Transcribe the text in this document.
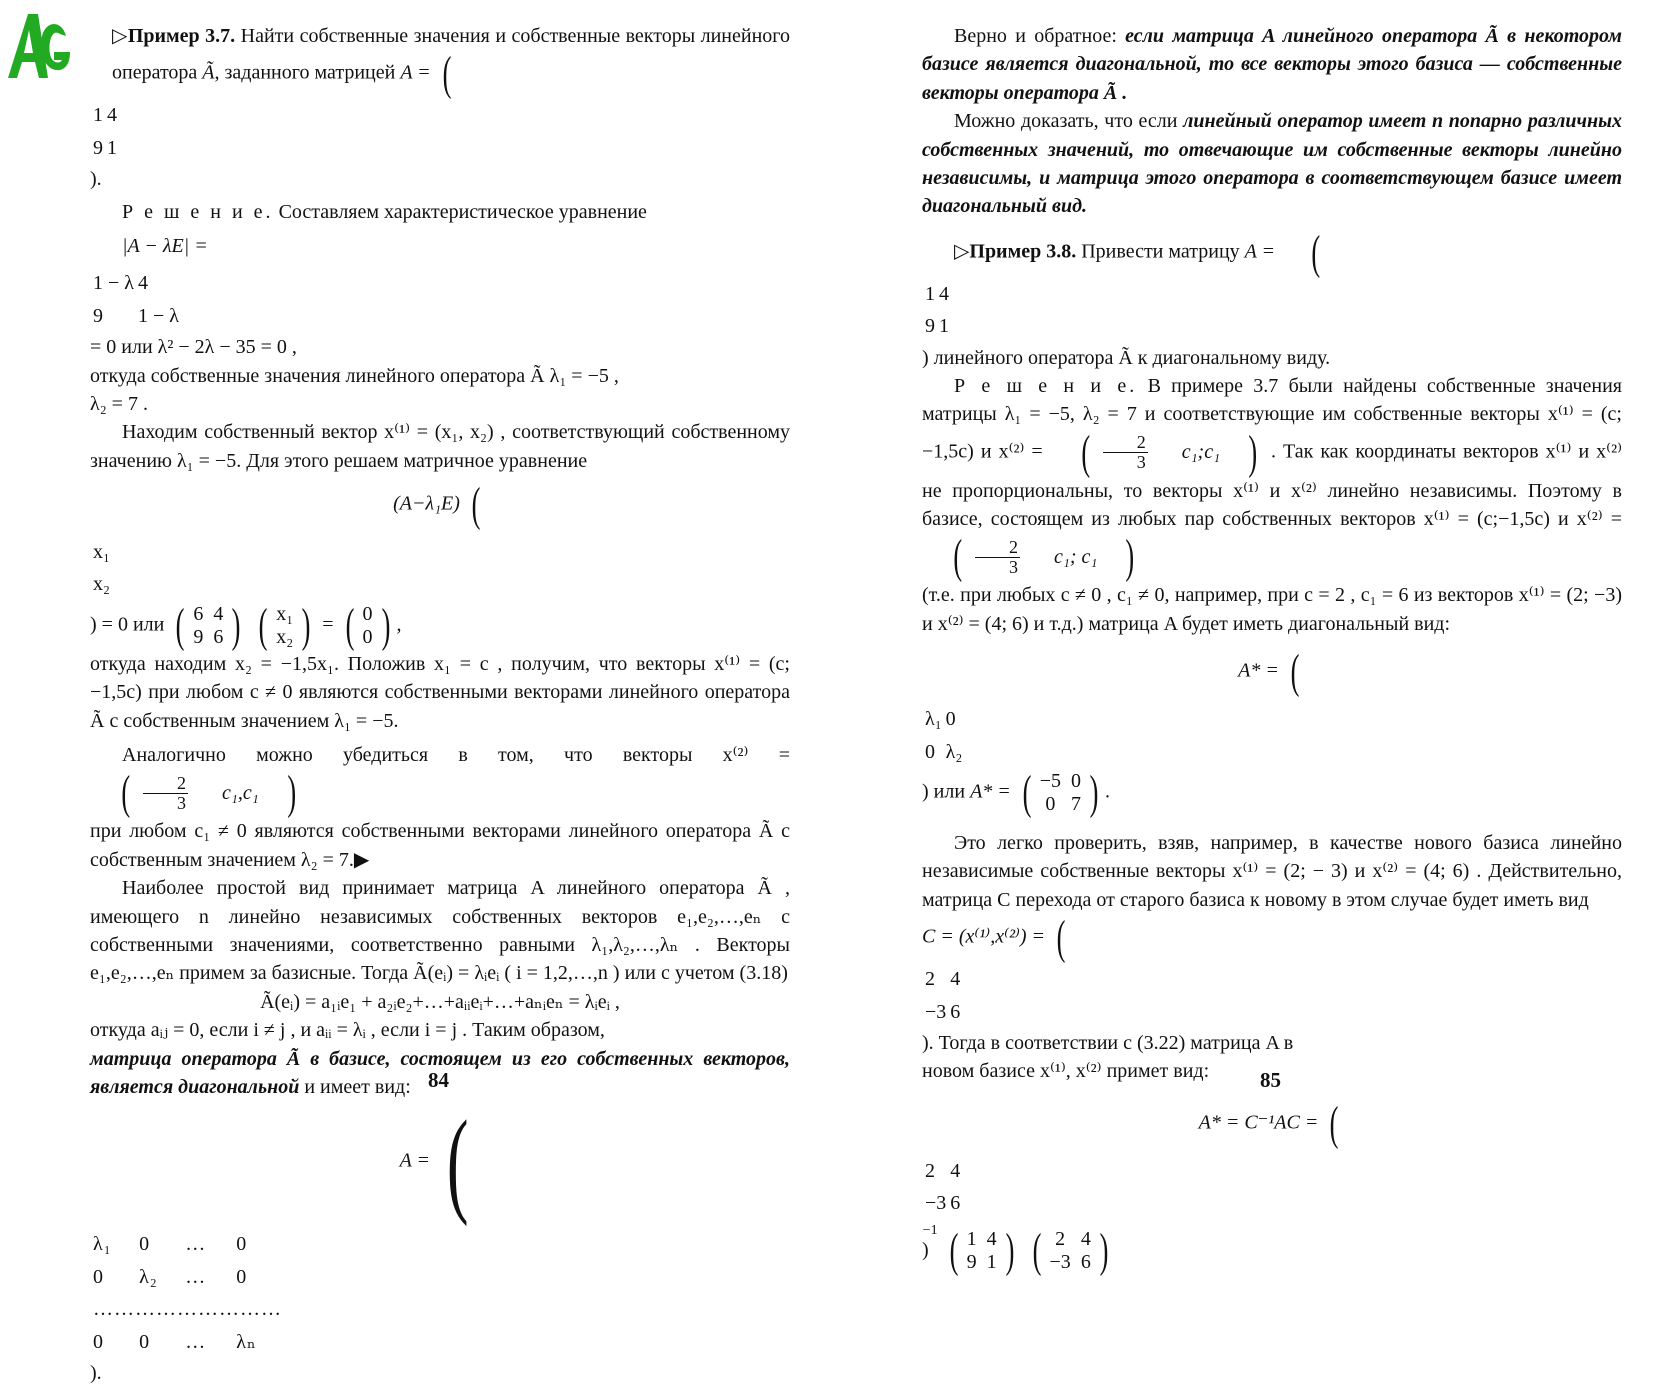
▷Пример 3.7. Найти собственные значения и собственные векторы линейного оператора Ã, заданного матрицей A = (

1	4
9	1
).

Р е ш е н и е. Составляем характеристическое уравнение

|A − λE| =

1 − λ	4
9	1 − λ
= 0 или λ² − 2λ − 35 = 0 ,

откуда собственные значения линейного оператора Ã λ₁ = −5 ,
λ₂ = 7 .

Находим собственный вектор x⁽¹⁾ = (x₁, x₂) , соответствующий собственному значению λ₁ = −5. Для этого решаем матричное уравнение

(A−λ₁E) (

x₁
x₂
) = 0 или ( 6	4
9	6 )
( x₁
x₂ ) = ( 0
0 ) ,

откуда находим x₂ = −1,5x₁. Положив x₁ = c , получим, что векторы x⁽¹⁾ = (c; −1,5c) при любом c ≠ 0 являются собственными векторами линейного оператора Ã с собственным значением λ₁ = −5.

Аналогично можно убедиться в том, что векторы x⁽²⁾ =
( $\frac{2}{3}$	c₁,c₁ )

при любом c₁ ≠ 0 являются собственными векторами линейного оператора Ã с собственным значением λ₂ = 7.▶

Наиболее простой вид принимает матрица A линейного оператора Ã , имеющего n линейно независимых собственных векторов e₁,e₂,…,eₙ с собственными значениями, соответственно равными λ₁,λ₂,…,λₙ . Векторы e₁,e₂,…,eₙ примем за базисные. Тогда Ã(eᵢ) = λᵢeᵢ ( i = 1,2,…,n ) или с учетом (3.18)

Ã(eᵢ) = a₁ᵢe₁ + a₂ᵢe₂+…+aᵢᵢeᵢ+…+aₙᵢeₙ = λᵢeᵢ ,

откуда aᵢⱼ = 0, если i ≠ j , и aᵢᵢ = λᵢ , если i = j . Таким образом,

матрица оператора Ã в базисе, состоящем из его собственных векторов, является диагональной и имеет вид:

A = (

λ₁	0	…	0
0	λ₂	…	0
………………………			
0	0	…	λₙ
).

84

Верно и обратное: если матрица A линейного оператора Ã в некотором базисе является диагональной, то все векторы этого базиса — собственные векторы оператора Ã .

Можно доказать, что если линейный оператор имеет n попарно различных собственных значений, то отвечающие им собственные векторы линейно независимы, и матрица этого оператора в соответствующем базисе имеет диагональный вид.

▷Пример 3.8. Привести матрицу A = (

1	4
9	1
) линейного оператора Ã к диагональному виду.

Р е ш е н и е. В примере 3.7 были найдены собственные значения матрицы λ₁ = −5, λ₂ = 7 и соответствующие им собственные векторы x⁽¹⁾ = (c;−1,5c) и x⁽²⁾ = ( $\frac{2}{3}$	c₁;c₁ ) . Так как координаты векторов x⁽¹⁾ и x⁽²⁾ не пропорциональны, то векторы x⁽¹⁾ и x⁽²⁾ линейно независимы. Поэтому в базисе, состоящем из любых пар собственных векторов x⁽¹⁾ = (c;−1,5c) и x⁽²⁾ =
( $\frac{2}{3}$	c₁; c₁ )

(т.е. при любых c ≠ 0 , c₁ ≠ 0, например, при c = 2 , c₁ = 6 из векторов x⁽¹⁾ = (2; −3) и x⁽²⁾ = (4; 6) и т.д.) матрица A будет иметь диагональный вид:

A* = (

λ₁	0
0	λ₂
) или A* = ( −5	0
0	7 ) .

Это легко проверить, взяв, например, в качестве нового базиса линейно независимые собственные векторы x⁽¹⁾ = (2; − 3) и x⁽²⁾ = (4; 6) . Действительно, матрица C перехода от старого базиса к новому в этом случае будет иметь вид

C = (x⁽¹⁾,x⁽²⁾) = (

2	4
−3	6
). Тогда в соответствии с (3.22) матрица A в

новом базисе x⁽¹⁾, x⁽²⁾ примет вид:

A* = C⁻¹AC = (

2	4
−3	6
)$^{-1}$ ( 1	4
9	1 )
( 2	4
−3	6 )

85
